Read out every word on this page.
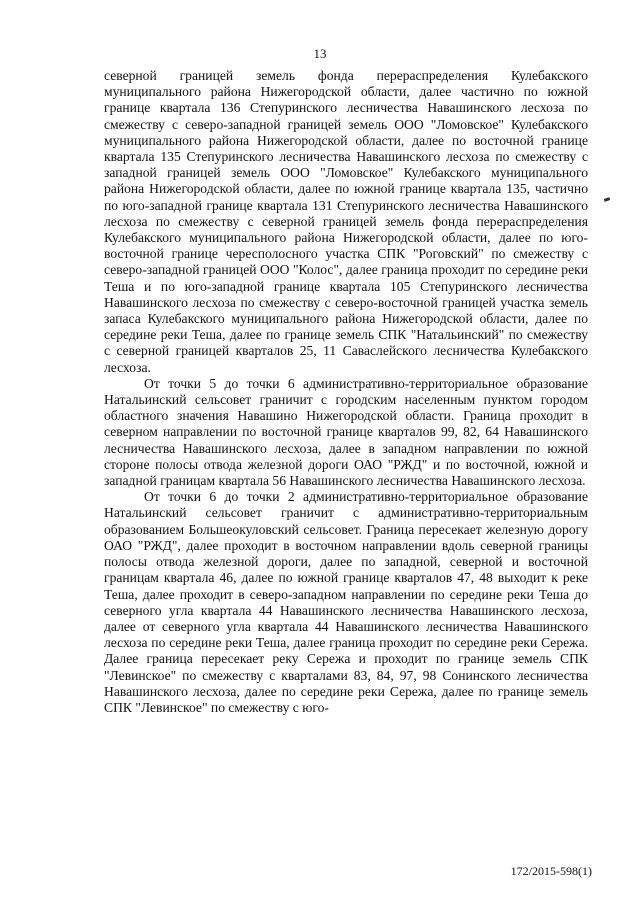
13

северной границей земель фонда перераспределения Кулебакского муниципального района Нижегородской области, далее частично по южной границе квартала 136 Степуринского лесничества Навашинского лесхоза по смежеству с северо-западной границей земель ООО "Ломовское" Кулебакского муниципального района Нижегородской области, далее по восточной границе квартала 135 Степуринского лесничества Навашинского лесхоза по смежеству с западной границей земель ООО "Ломовское" Кулебакского муниципального района Нижегородской области, далее по южной границе квартала 135, частично по юго-западной границе квартала 131 Степуринского лесничества Навашинского лесхоза по смежеству с северной границей земель фонда перераспределения Кулебакского муниципального района Нижегородской области, далее по юго-восточной границе чересполосного участка СПК "Роговский" по смежеству с северо-западной границей ООО "Колос", далее граница проходит по середине реки Теша и по юго-западной границе квартала 105 Степуринского лесничества Навашинского лесхоза по смежеству с северо-восточной границей участка земель запаса Кулебакского муниципального района Нижегородской области, далее по середине реки Теша, далее по границе земель СПК "Натальинский" по смежеству с северной границей кварталов 25, 11 Саваслейского лесничества Кулебакского лесхоза.

От точки 5 до точки 6 административно-территориальное образование Натальинский сельсовет граничит с городским населенным пунктом городом областного значения Навашино Нижегородской области. Граница проходит в северном направлении по восточной границе кварталов 99, 82, 64 Навашинского лесничества Навашинского лесхоза, далее в западном направлении по южной стороне полосы отвода железной дороги ОАО "РЖД" и по восточной, южной и западной границам квартала 56 Навашинского лесничества Навашинского лесхоза.

От точки 6 до точки 2 административно-территориальное образование Натальинский сельсовет граничит с административно-территориальным образованием Большеокуловский сельсовет. Граница пересекает железную дорогу ОАО "РЖД", далее проходит в восточном направлении вдоль северной границы полосы отвода железной дороги, далее по западной, северной и восточной границам квартала 46, далее по южной границе кварталов 47, 48 выходит к реке Теша, далее проходит в северо-западном направлении по середине реки Теша до северного угла квартала 44 Навашинского лесничества Навашинского лесхоза, далее от северного угла квартала 44 Навашинского лесничества Навашинского лесхоза по середине реки Теша, далее граница проходит по середине реки Сережа. Далее граница пересекает реку Сережа и проходит по границе земель СПК "Левинское" по смежеству с кварталами 83, 84, 97, 98 Сонинского лесничества Навашинского лесхоза, далее по середине реки Сережа, далее по границе земель СПК "Левинское" по смежеству с юго-

172/2015-598(1)
